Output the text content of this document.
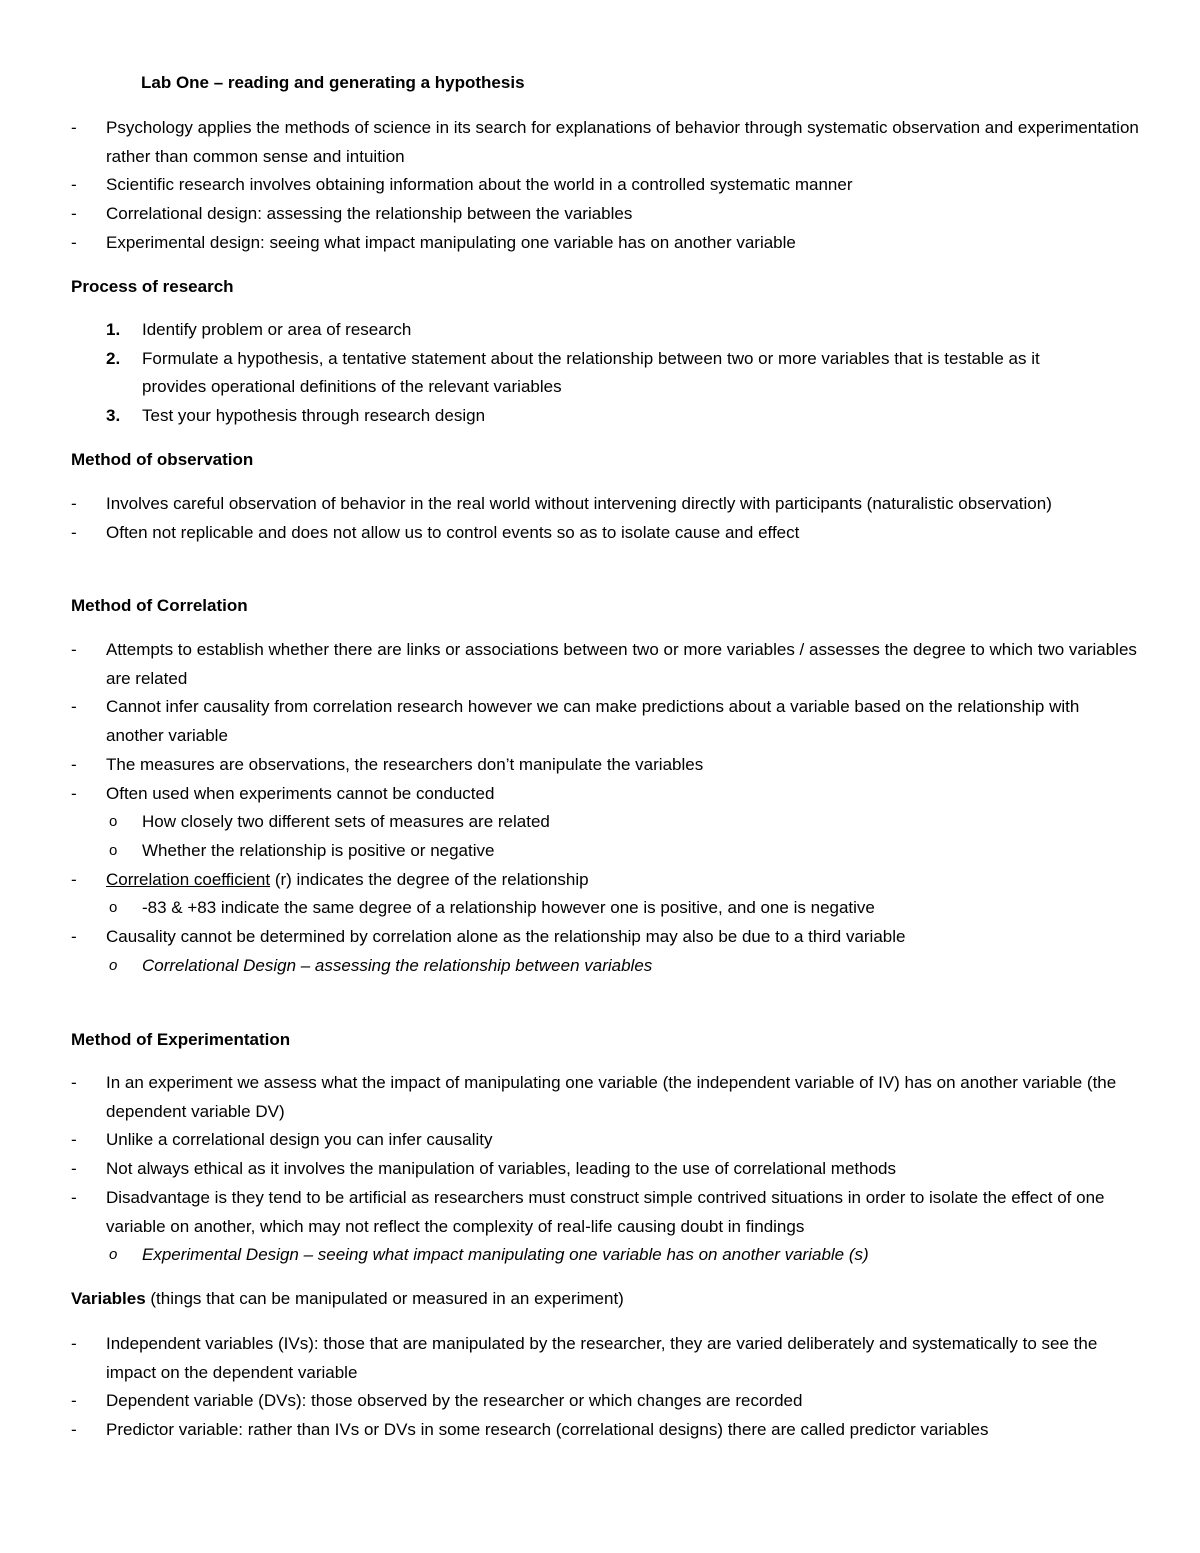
Lab One – reading and generating a hypothesis
- Psychology applies the methods of science in its search for explanations of behavior through systematic observation and experimentation rather than common sense and intuition
- Scientific research involves obtaining information about the world in a controlled systematic manner
- Correlational design: assessing the relationship between the variables
- Experimental design: seeing what impact manipulating one variable has on another variable
Process of research
1. Identify problem or area of research
2. Formulate a hypothesis, a tentative statement about the relationship between two or more variables that is testable as it provides operational definitions of the relevant variables
3. Test your hypothesis through research design
Method of observation
- Involves careful observation of behavior in the real world without intervening directly with participants (naturalistic observation)
- Often not replicable and does not allow us to control events so as to isolate cause and effect
Method of Correlation
- Attempts to establish whether there are links or associations between two or more variables / assesses the degree to which two variables are related
- Cannot infer causality from correlation research however we can make predictions about a variable based on the relationship with another variable
- The measures are observations, the researchers don’t manipulate the variables
- Often used when experiments cannot be conducted
o How closely two different sets of measures are related
o Whether the relationship is positive or negative
- Correlation coefficient (r) indicates the degree of the relationship
o -83 & +83 indicate the same degree of a relationship however one is positive, and one is negative
- Causality cannot be determined by correlation alone as the relationship may also be due to a third variable
o Correlational Design – assessing the relationship between variables
Method of Experimentation
- In an experiment we assess what the impact of manipulating one variable (the independent variable of IV) has on another variable (the dependent variable DV)
- Unlike a correlational design you can infer causality
- Not always ethical as it involves the manipulation of variables, leading to the use of correlational methods
- Disadvantage is they tend to be artificial as researchers must construct simple contrived situations in order to isolate the effect of one variable on another, which may not reflect the complexity of real-life causing doubt in findings
o Experimental Design – seeing what impact manipulating one variable has on another variable (s)
Variables (things that can be manipulated or measured in an experiment)
- Independent variables (IVs): those that are manipulated by the researcher, they are varied deliberately and systematically to see the impact on the dependent variable
- Dependent variable (DVs): those observed by the researcher or which changes are recorded
- Predictor variable: rather than IVs or DVs in some research (correlational designs) there are called predictor variables
